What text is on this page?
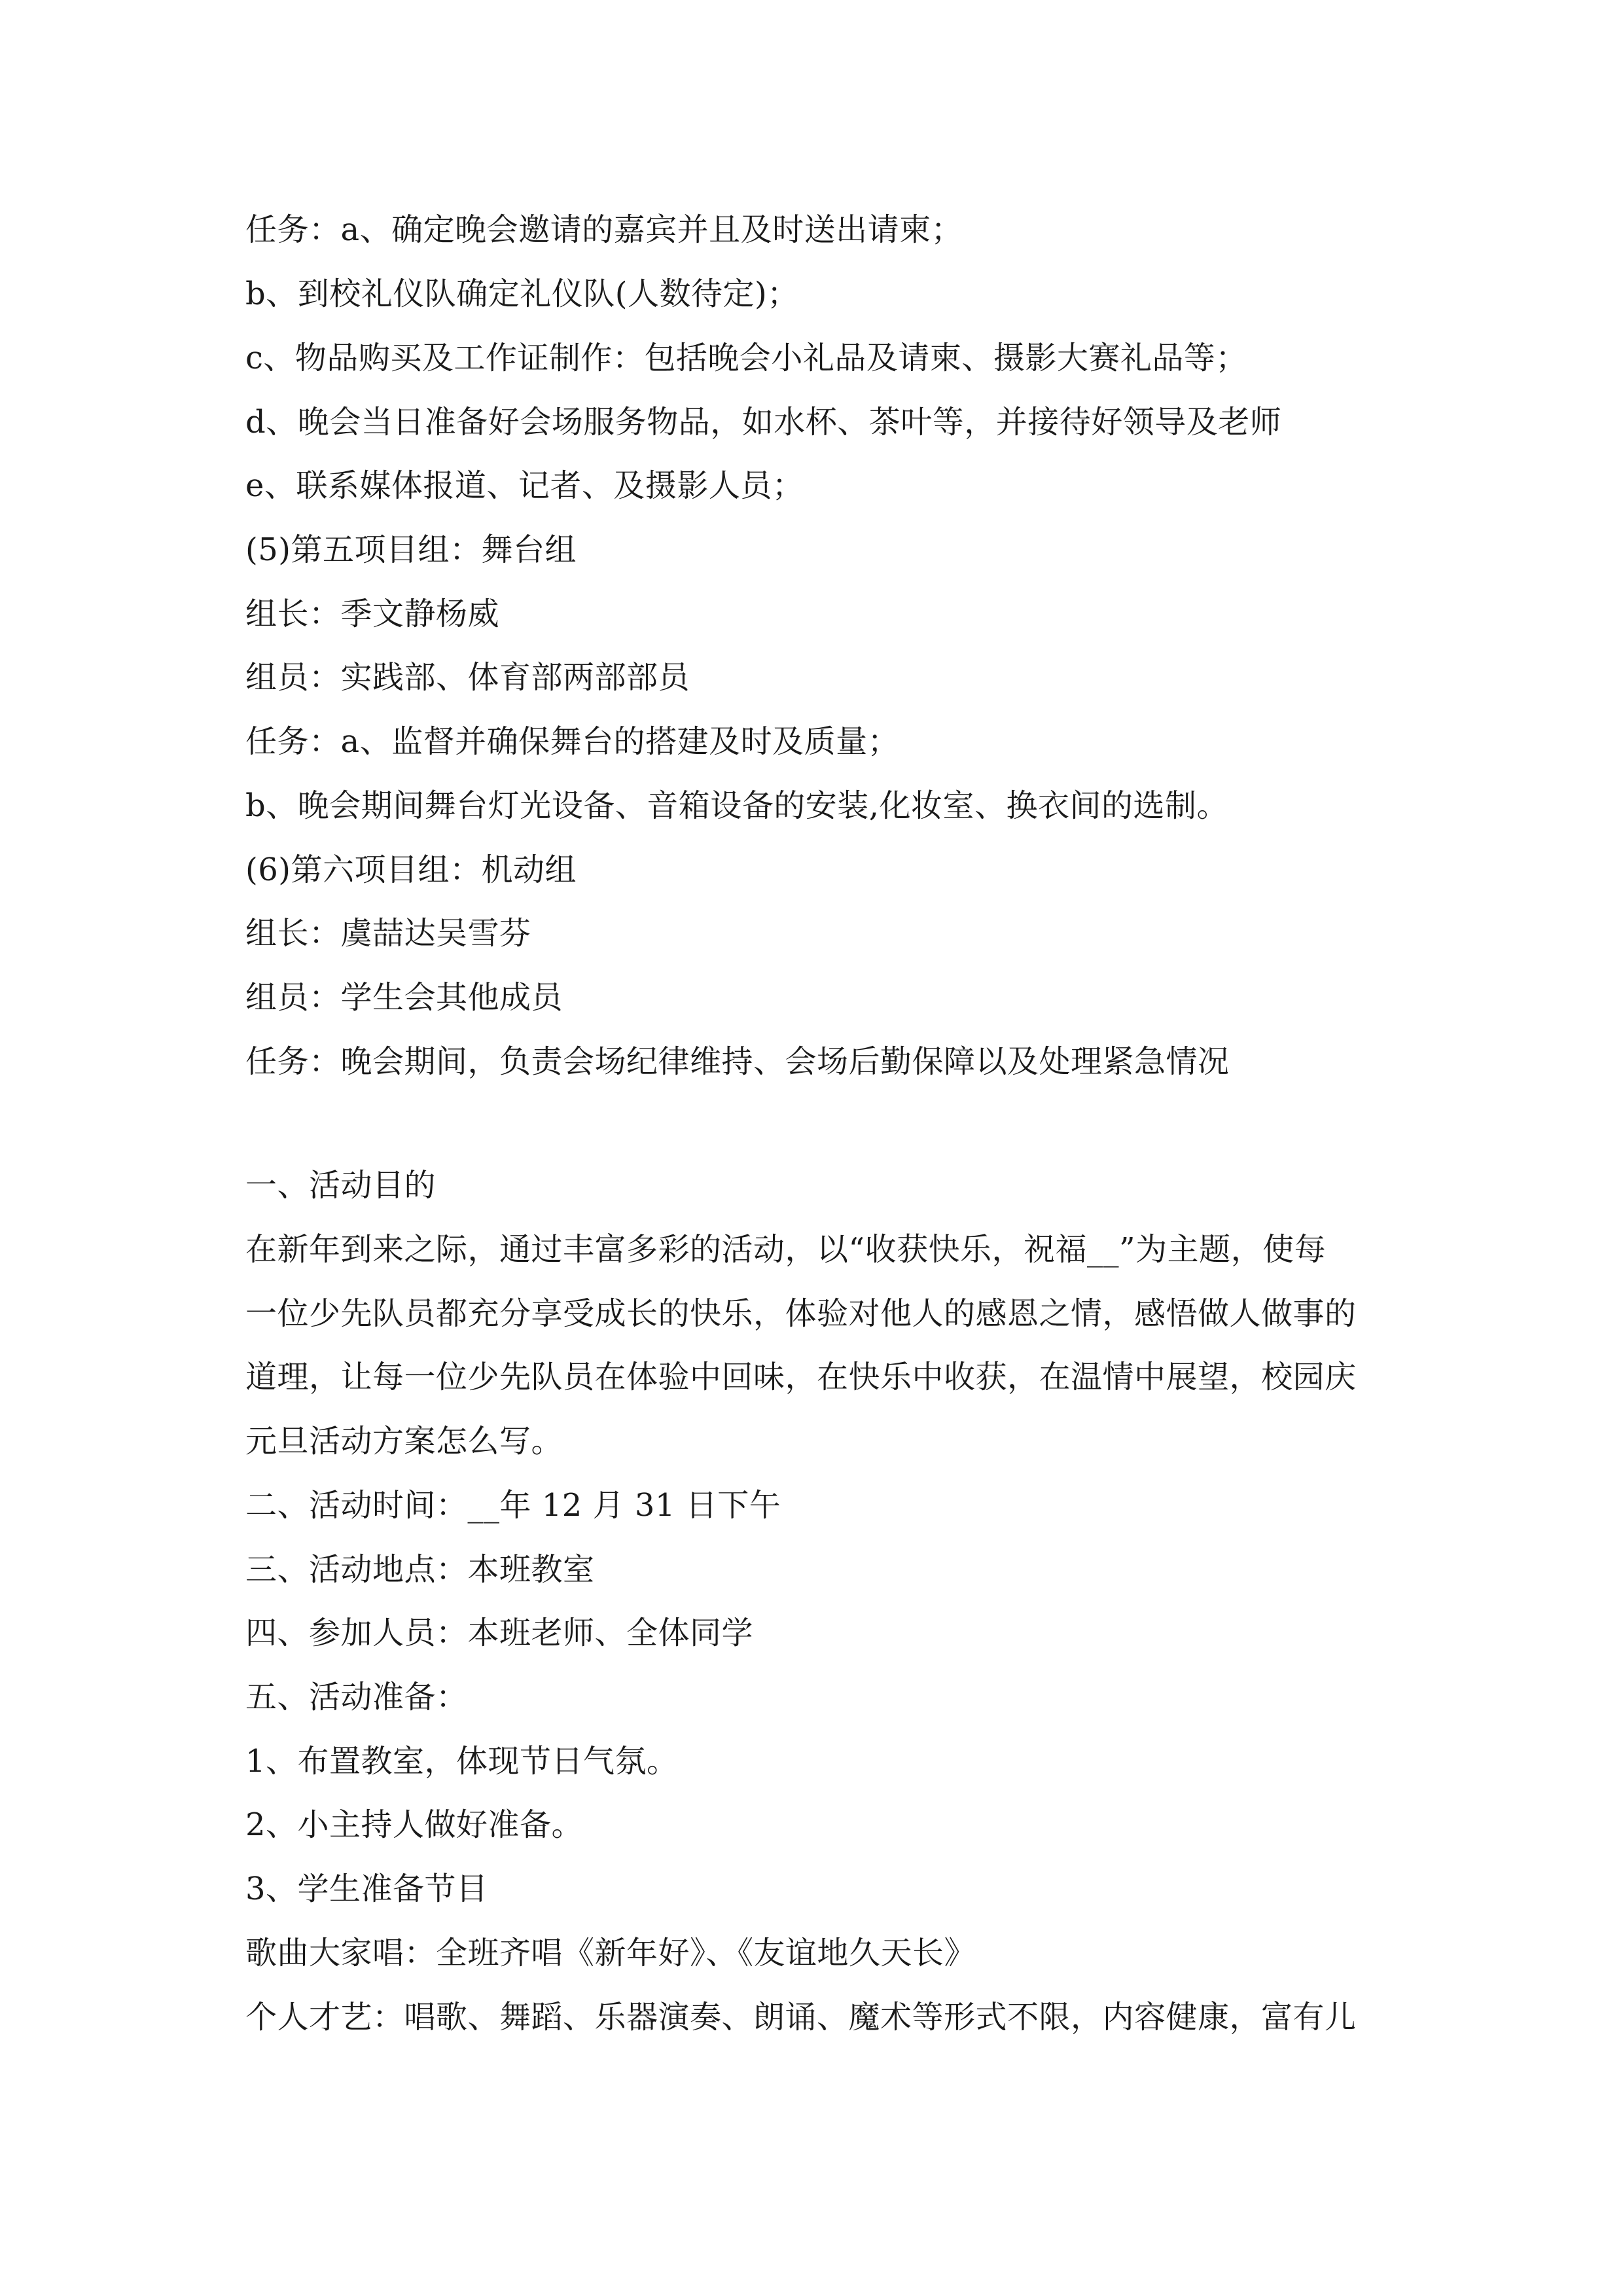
任务：a、确定晚会邀请的嘉宾并且及时送出请柬；
b、到校礼仪队确定礼仪队(人数待定)；
c、物品购买及工作证制作：包括晚会小礼品及请柬、摄影大赛礼品等；
d、晚会当日准备好会场服务物品，如水杯、茶叶等，并接待好领导及老师
e、联系媒体报道、记者、及摄影人员；
(5)第五项目组：舞台组
组长：季文静杨威
组员：实践部、体育部两部部员
任务：a、监督并确保舞台的搭建及时及质量；
b、晚会期间舞台灯光设备、音箱设备的安装,化妆室、换衣间的选制。
(6)第六项目组：机动组
组长：虞喆达吴雪芬
组员：学生会其他成员
任务：晚会期间，负责会场纪律维持、会场后勤保障以及处理紧急情况
一、活动目的
在新年到来之际，通过丰富多彩的活动，以“收获快乐，祝福__”为主题，使每
一位少先队员都充分享受成长的快乐，体验对他人的感恩之情，感悟做人做事的
道理，让每一位少先队员在体验中回味，在快乐中收获，在温情中展望，校园庆
元旦活动方案怎么写。
二、活动时间：__年 12 月 31 日下午
三、活动地点：本班教室
四、参加人员：本班老师、全体同学
五、活动准备：
1、布置教室，体现节日气氛。
2、小主持人做好准备。
3、学生准备节目
歌曲大家唱：全班齐唱《新年好》、《友谊地久天长》
个人才艺：唱歌、舞蹈、乐器演奏、朗诵、魔术等形式不限，内容健康，富有儿
